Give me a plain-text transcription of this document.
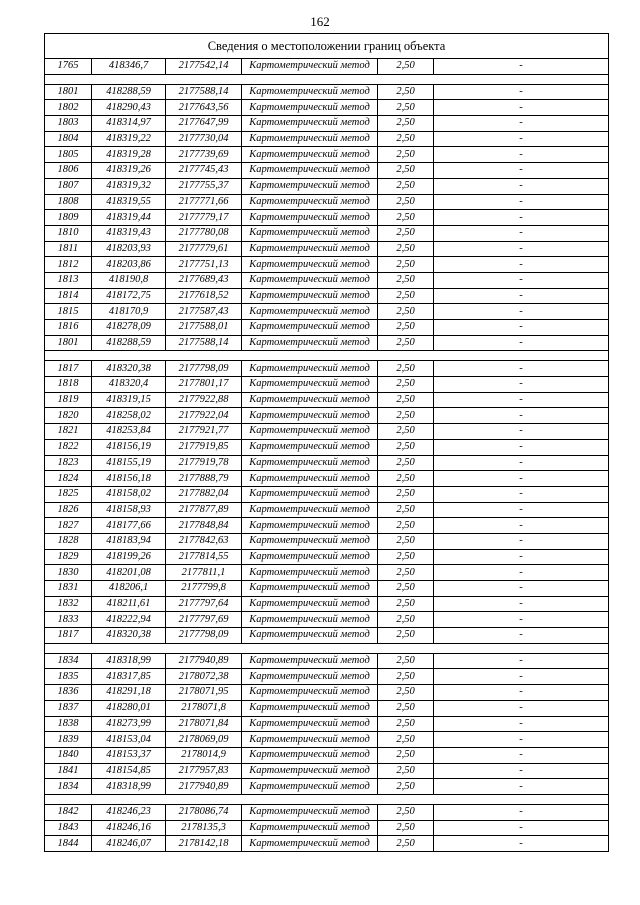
162
Сведения о местоположении границ объекта					
1765	418346,7	2177542,14	Картометрический метод	2,50	-

1801	418288,59	2177588,14	Картометрический метод	2,50	-
1802	418290,43	2177643,56	Картометрический метод	2,50	-
1803	418314,97	2177647,99	Картометрический метод	2,50	-
1804	418319,22	2177730,04	Картометрический метод	2,50	-
1805	418319,28	2177739,69	Картометрический метод	2,50	-
1806	418319,26	2177745,43	Картометрический метод	2,50	-
1807	418319,32	2177755,37	Картометрический метод	2,50	-
1808	418319,55	2177771,66	Картометрический метод	2,50	-
1809	418319,44	2177779,17	Картометрический метод	2,50	-
1810	418319,43	2177780,08	Картометрический метод	2,50	-
1811	418203,93	2177779,61	Картометрический метод	2,50	-
1812	418203,86	2177751,13	Картометрический метод	2,50	-
1813	418190,8	2177689,43	Картометрический метод	2,50	-
1814	418172,75	2177618,52	Картометрический метод	2,50	-
1815	418170,9	2177587,43	Картометрический метод	2,50	-
1816	418278,09	2177588,01	Картометрический метод	2,50	-
1801	418288,59	2177588,14	Картометрический метод	2,50	-

1817	418320,38	2177798,09	Картометрический метод	2,50	-
1818	418320,4	2177801,17	Картометрический метод	2,50	-
1819	418319,15	2177922,88	Картометрический метод	2,50	-
1820	418258,02	2177922,04	Картометрический метод	2,50	-
1821	418253,84	2177921,77	Картометрический метод	2,50	-
1822	418156,19	2177919,85	Картометрический метод	2,50	-
1823	418155,19	2177919,78	Картометрический метод	2,50	-
1824	418156,18	2177888,79	Картометрический метод	2,50	-
1825	418158,02	2177882,04	Картометрический метод	2,50	-
1826	418158,93	2177877,89	Картометрический метод	2,50	-
1827	418177,66	2177848,84	Картометрический метод	2,50	-
1828	418183,94	2177842,63	Картометрический метод	2,50	-
1829	418199,26	2177814,55	Картометрический метод	2,50	-
1830	418201,08	2177811,1	Картометрический метод	2,50	-
1831	418206,1	2177799,8	Картометрический метод	2,50	-
1832	418211,61	2177797,64	Картометрический метод	2,50	-
1833	418222,94	2177797,69	Картометрический метод	2,50	-
1817	418320,38	2177798,09	Картометрический метод	2,50	-

1834	418318,99	2177940,89	Картометрический метод	2,50	-
1835	418317,85	2178072,38	Картометрический метод	2,50	-
1836	418291,18	2178071,95	Картометрический метод	2,50	-
1837	418280,01	2178071,8	Картометрический метод	2,50	-
1838	418273,99	2178071,84	Картометрический метод	2,50	-
1839	418153,04	2178069,09	Картометрический метод	2,50	-
1840	418153,37	2178014,9	Картометрический метод	2,50	-
1841	418154,85	2177957,83	Картометрический метод	2,50	-
1834	418318,99	2177940,89	Картометрический метод	2,50	-

1842	418246,23	2178086,74	Картометрический метод	2,50	-
1843	418246,16	2178135,3	Картометрический метод	2,50	-
1844	418246,07	2178142,18	Картометрический метод	2,50	-
